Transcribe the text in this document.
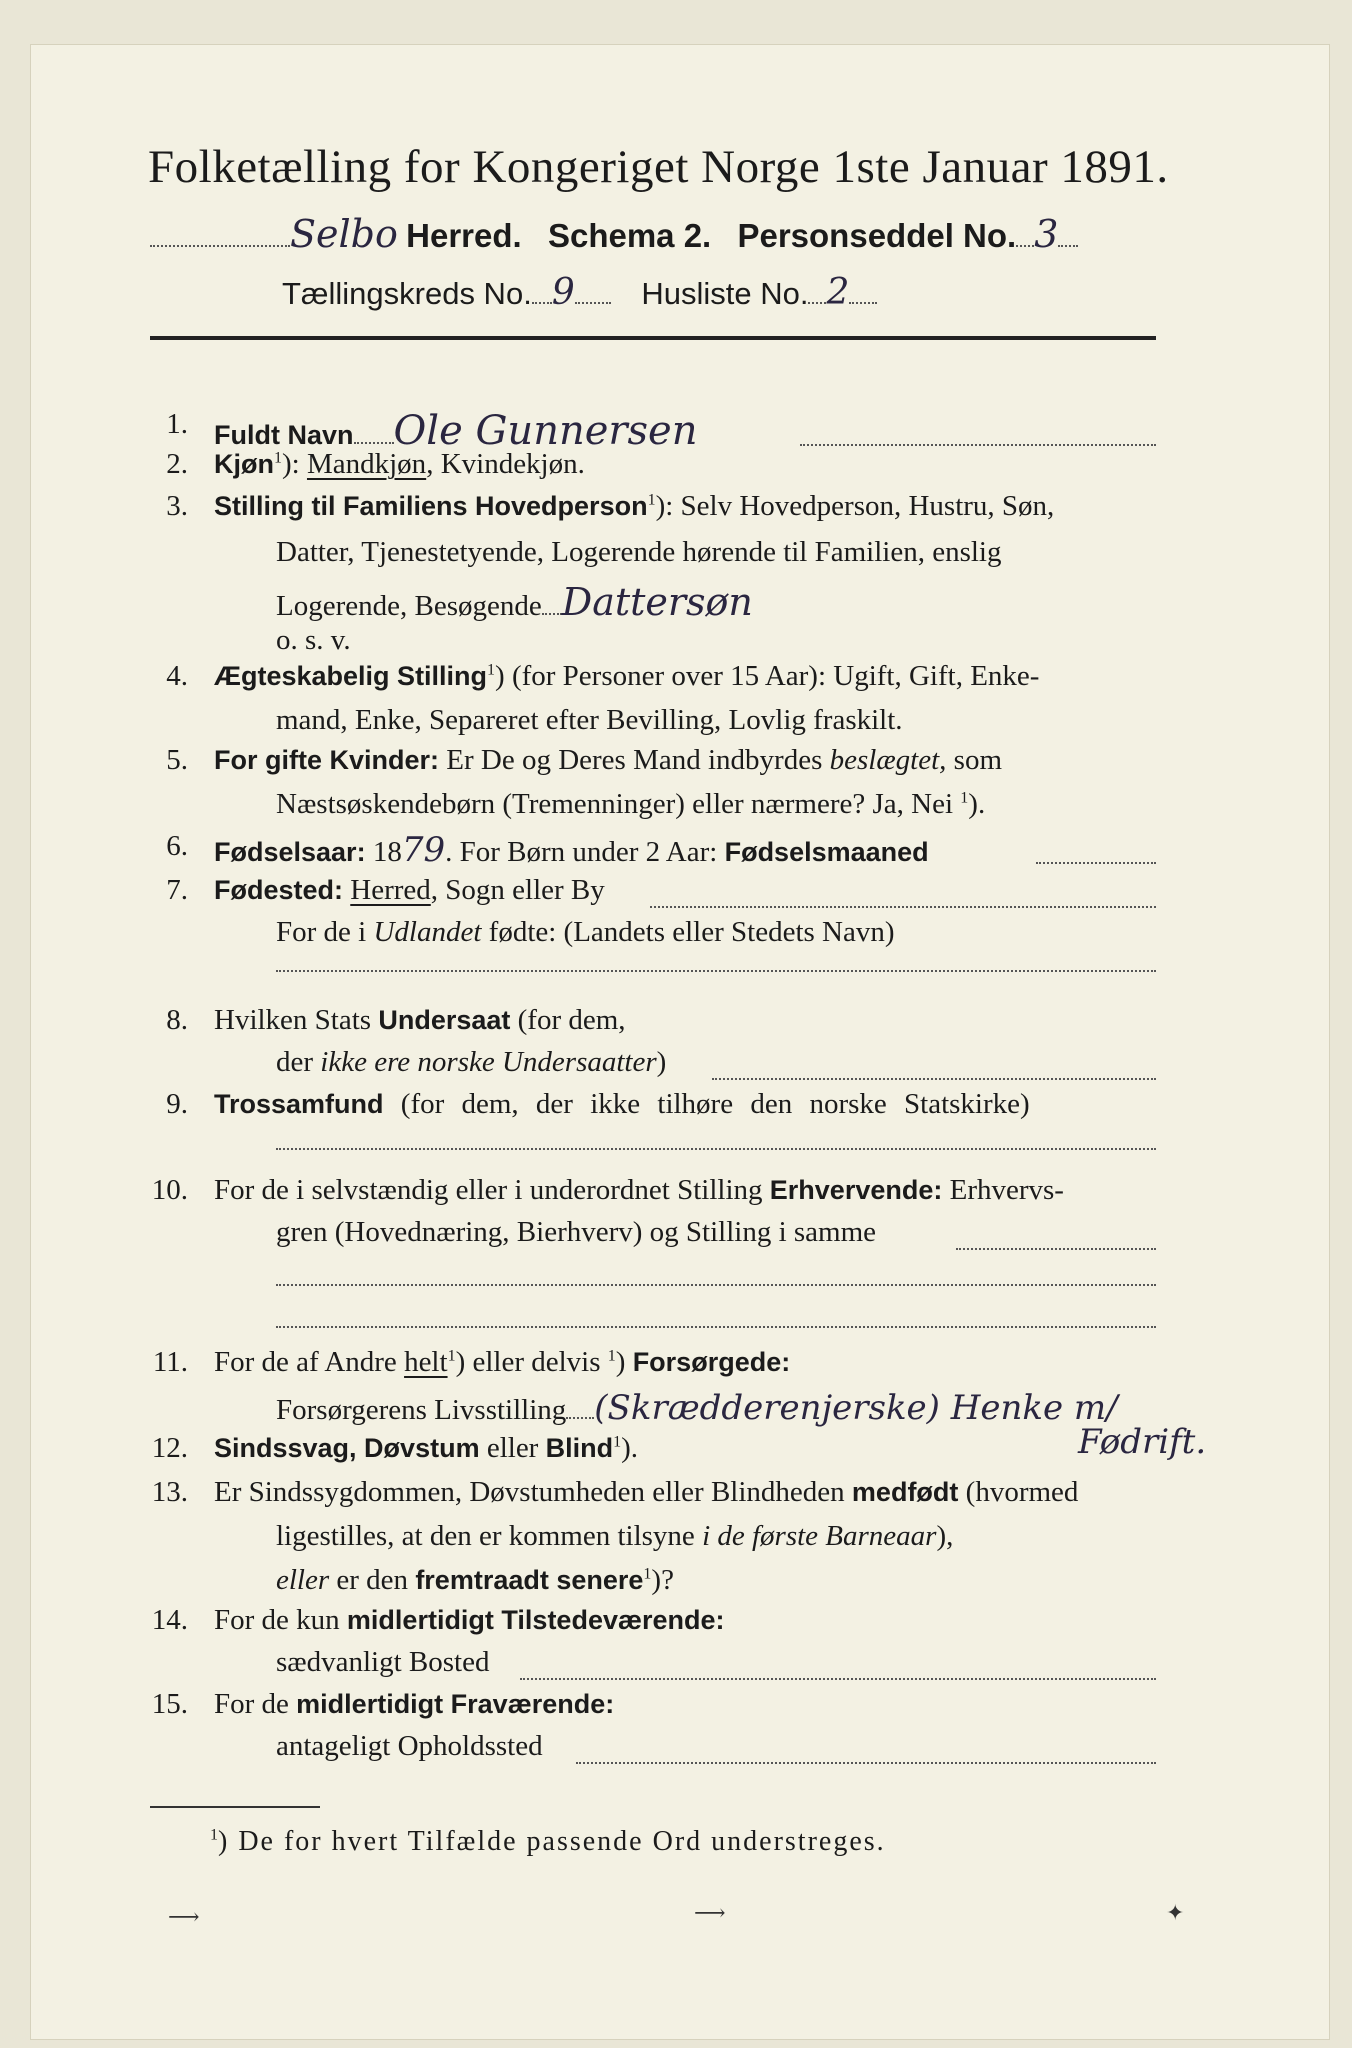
Folketælling for Kongeriget Norge 1ste Januar 1891.
Selbo Herred. Schema 2. Personseddel No. 3
Tællingskreds No. 9 Husliste No. 2
1. Fuldt Navn Ole Gunnersen
2. Kjøn$^1$): Mandkjøn, Kvindekjøn.
3. Stilling til Familiens Hovedperson$^1$): Selv Hovedperson, Hustru, Søn,
Datter, Tjenestetyende, Logerende hørende til Familien, enslig
Logerende, Besøgende Dattersøn
o. s. v.
4. Ægteskabelig Stilling$^1$) (for Personer over 15 Aar): Ugift, Gift, Enke-
mand, Enke, Separeret efter Bevilling, Lovlig fraskilt.
5. For gifte Kvinder: Er De og Deres Mand indbyrdes beslægtet, som
Næstsøskendebørn (Tremenninger) eller nærmere? Ja, Nei $^1$).
6. Fødselsaar: 1879. For Børn under 2 Aar: Fødselsmaaned
7. Fødested: Herred, Sogn eller By
For de i Udlandet fødte: (Landets eller Stedets Navn)
8. Hvilken Stats Undersaat (for dem,
der ikke ere norske Undersaatter)
9. Trossamfund (for dem, der ikke tilhøre den norske Statskirke)
10. For de i selvstændig eller i underordnet Stilling Erhvervende: Erhvervs-
gren (Hovednæring, Bierhverv) og Stilling i samme
11. For de af Andre helt$^1$) eller delvis $^1$) Forsørgede:
Forsørgerens Livsstilling (Skrædderenjerske) Henke m/
Fødrift.
12. Sindssvag, Døvstum eller Blind$^1$).
13. Er Sindssygdommen, Døvstumheden eller Blindheden medfødt (hvormed
ligestilles, at den er kommen tilsyne i de første Barneaar),
eller er den fremtraadt senere$^1$)?
14. For de kun midlertidigt Tilstedeværende:
sædvanligt Bosted
15. For de midlertidigt Fraværende:
antageligt Opholdssted
$^1$) De for hvert Tilfælde passende Ord understreges.
⟶	⟶	✦
